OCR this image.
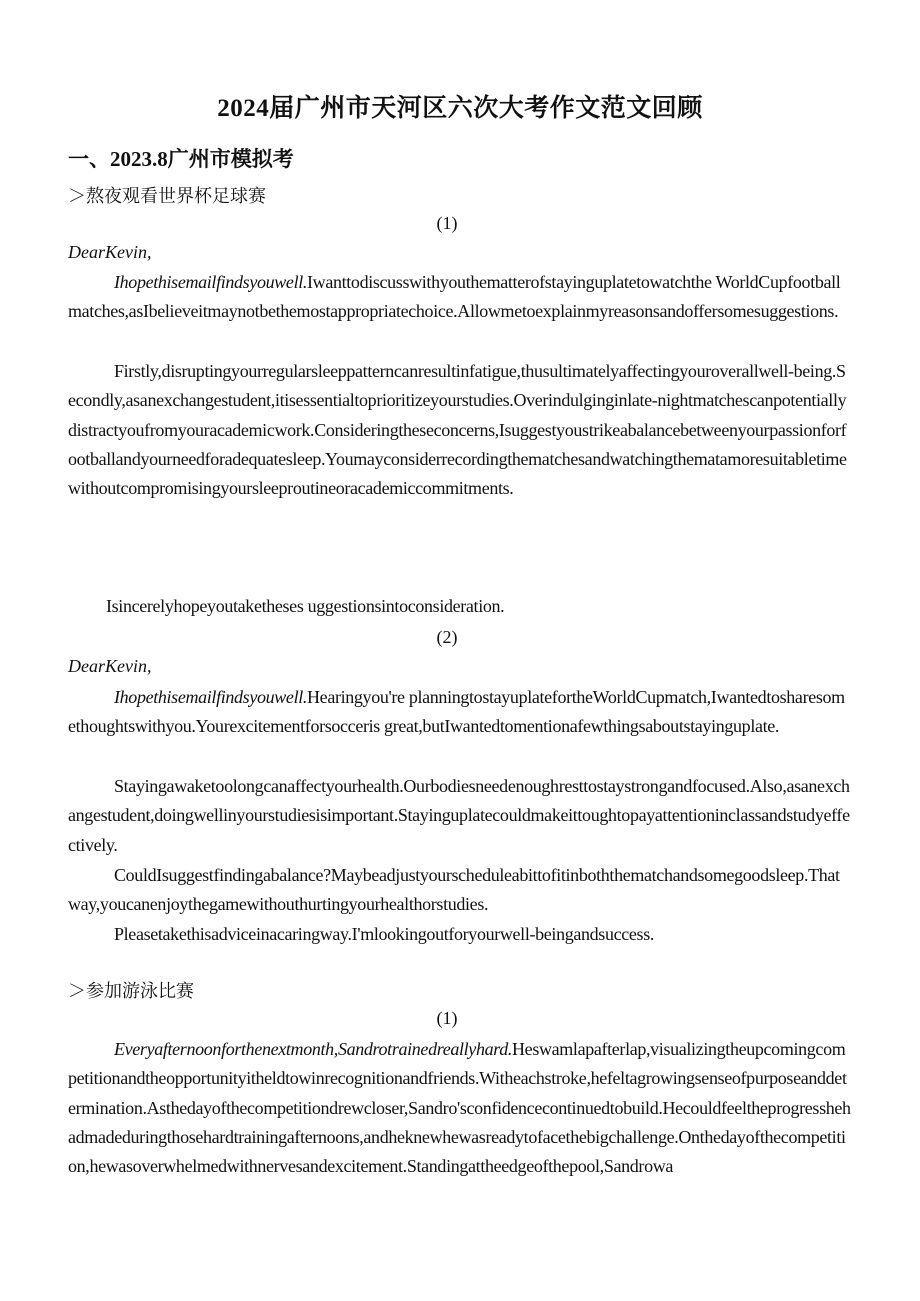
2024届广州市天河区六次大考作文范文回顾
一、2023.8广州市模拟考
＞熬夜观看世界杯足球赛
(1)
DearKevin,

Ihopethisemailfindsyouwell.Iwanttodiscusswithyouthematterofstayinguplatetowatchthe WorldCupfootballmatches,asIbelieveitmaynotbethemostappropriatechoice.Allowmetoexplainmyreasonsandoffersomesuggestions.

Firstly,disruptingyourregularsleeppatterncanresultinfatigue,thusultimatelyaffectingyouroverallwell-being.Secondly,asanexchangestudent,itisessentialtoprioritizeyourstudies.Overindulginginlate-nightmatchescanpotentiallydistractyoufromyouracademicwork.Consideringtheseconcerns,Isuggestyoustrikeabalancebetweenyourpassionforfootballandyourneedforadequatesleep.Youmayconsiderrecordingthematchesandwatchingthematamoresuitabletimewithoutcompromisingyoursleeproutineoracademiccommitments.

Isincerelyhopeyoutaketheses uggestionsintoconsideration.

(2)
DearKevin,

Ihopethisemailfindsyouwell.Hearingyou're planningtostayuplatefortheWorldCupmatch,Iwantedtosharesomethoughtswithyou.Yourexcitementforsocceris great,butIwantedtomentionafewthingsaboutstayinguplate.

Stayingawaketoolongcanaffectyourhealth.Ourbodiesneedenoughresttostaystrongandfocused.Also,asanexchangestudent,doingwellinyourstudiesisimportant.Stayinguplatecouldmakeittoughtopayattentioninclassandstudyeffectively.

CouldIsuggestfindingabalance?Maybeadjustyourscheduleabittofitinboththematchandsomegoodsleep.Thatway,youcanenjoythegamewithouthurtingyourhealthorstudies.

Pleasetakethisadviceinacaringway.I'mlookingoutforyourwell-beingandsuccess.

＞参加游泳比赛
(1)

Everyafternoonforthenextmonth,Sandrotrainedreallyhard.Heswamlapafterlap,visualizingtheupcomingcompetitionandtheopportunityitheldtowinrecognitionandfriends.Witheachstroke,hefeltagrowingsenseofpurposeanddetermination.Asthedayofthecompetitiondrewcloser,Sandro'sconfidencecontinuedtobuild.Hecouldfeeltheprogresshehadmadeduringthosehardtrainingafternoons,andheknewhewasreadytofacethebigchallenge.Onthedayofthecompetition,hewasoverwhelmedwithnervesandexcitement.Standingattheedgeofthepool,Sandrowa
